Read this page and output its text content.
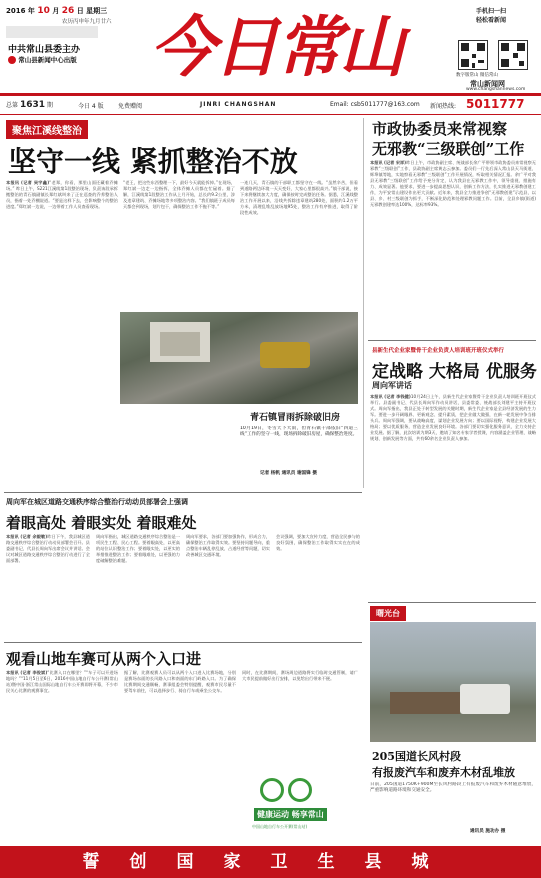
2016 年 10 月 26 日 星期三
农历丙申年九月廿六
中共常山县委主办
常山县新闻中心出版 今日常山	手机扫一扫
轻松看新闻
数字版常山 微信常山
常山新闻网
www.changshannews.com
总第 1631 期	今日 4 版 免费赠阅	JINRI CHANGSHAN	Email: csb5011777@163.com 新闻热线: 5011777
聚焦江溪线整治
坚守一线 紧抓整治不放
本报讯 (记者 吴宇鑫)“老郑，你看，那里山面还藏着乔摊场。” 昨日上午，S221江溪线第1段整治现场，负责该段承拆搬整治的青石镇副镇长郑红斌叫来了正在巡查的乔养整治人员，指着一处乔棚说道。“要是这样下去，会影响整个的整治进度。”郑红斌一边说，一边带着工作人员查看现场。
“老王，把这些东西整理一下，最好今天就能拆掉。”在现场，郑红斌一边走一边指挥，全体乔摊人员都在忙碌着。据了解，江溪线第1段整治工作从上月开始，总长约9.2公里，涉及违章建筑、乔摊场地等多项整治内容。“我们镇班子成员每天都会到现场，划片包干，确保整治工作不拖不等。”
一连几天，青石镇的干部职工都坚守在一线。“虽然辛苦，但看到道路两边环境一天天变好，大家心里都很高兴。”镇干部说，接下来将继续加大力度，确保按时完成整治任务。据悉，江溪线整治工作开展以来，沿线共拆除违章建筑280处，面积约1.2万平方米，清理乱堆乱放场地95处，整治工作有序推进，取得了阶段性成效。
青石镇冒雨拆除破旧房
10月19日，冬雪天下大雨，但青石镇干部依旧“四道三线”工作的坚守一线，现场拆除破旧房屋，确保整治进度。
记者 杨帆 通讯员 谢国锋 摄
市政协委员来常视察
无邪教“三级联创”工作
本报讯 (记者 宋祥)昨日上午，市政协副主席、统战部长余广平带领市政协委员来常视察无邪教“三级联创”工作，县政协副主席黄志云参加。委员们一行先后深入常山县天马街道、辉埠镇等地，实地察看无邪教“三级联创”工作开展情况，听取相关情况汇报。余广平对我县无邪教“三级联创”工作给予充分肯定，认为我县在无邪教工作中，领导重视、措施有力、成效显著。他要求，要进一步提高思想认识，创新工作方法，扎实推进无邪教创建工作，为平安常山建设作出更大贡献。近年来，我县全力推进争创“无邪教创建”示范县，以县、乡、村三级联创为抓手，不断深化防范和处理邪教问题工作。目前，全县乡镇(街道)无邪教创建率达100%，达标率93%。
县新生代企业家暨骨干企业负责人培训班开班仪式举行
定战略 大格局 优服务
周向军讲话
本报讯 (记者 李钱健)10月24日上午，县新生代企业家暨骨干企业负责人培训班开班仪式举行。县委副书记、代县长周向军作动员讲话，县委常委、统战部长刘建平主持开班仪式。周向军指出，我县正处于转型发展的关键时期，新生代企业家是全县经济发展的生力军。要进一步开阔眼界、更新观念、提升素质，把企业做大做强，在新一轮发展中争当排头兵。周向军强调，要从战略高度，谋划企业发展方向；要以国际视野，构建企业发展大格局；要以优质服务，营造企业发展良好环境。各部门要切实强化服务意识，全力支持企业发展。据了解，此次培训为期3天，邀请了知名专家学者授课，内容涵盖企业管理、战略规划、创新发展等方面，共有60余名企业负责人参加。
曙光台
205国道长风村段
有报废汽车和废弃木材乱堆放
日前，205国道1750K+900M至长风村路段上有报废汽车和废弃木材随意堆放，严重影响道路环境和交通安全。
通讯员 施功办 摄
周向军在城区道路交通秩序综合整治行动动员部署会上强调
着眼高处 着眼实处 着眼难处
本报讯 (记者 余毅敏)昨日下午，我县城区道路交通秩序综合整治行动动员部署会召开。县委副书记、代县长周向军出席会议并讲话。会议对城区道路交通秩序综合整治行动进行了全面部署。
周向军指出，城区道路交通秩序综合整治是一项民生工程、民心工程。要着眼高处，以更高的站位认识整治工作；要着眼实处，以更实的举措推进整治工作；要着眼难处，以更强的力度破解整治难题。
周向军要求，各部门要加强协作，形成合力，确保整治工作取得实效。要坚持问题导向，重点整治车辆乱停乱放、占道经营等问题，切实改善城区交通环境。
会议强调，要加大宣传力度，营造全民参与的良好氛围，确保整治工作取得实实在在的成效。
观看山地车赛可从两个入口进
本报讯 (记者 李俊斌)“比赛入口在哪里？”“车子可以开进场地吗？”“11月5日至6日，2016中国山地自行车公开赛(常山站)暨中国·浙江常山国际山地自行车公开赛即将开幕，不少市民关心比赛的观赛事宜。
据了解，比赛观赛人员可以从两个入口进入比赛场地，分别是赛场东面的长风路入口和南面的东门岭路入口。为了确保比赛期间交通顺畅，赛事组委会特别提醒，观赛市民尽量不要驾车前往，可以选择步行、骑自行车或乘坐公交车。
同时，在比赛期间，赛场周边道路将实行临时交通管制，请广大市民提前做好出行安排，以免给出行带来不便。
健康运动 畅享常山
中国山地自行车公开赛(常山站)
誓创国家卫生县城
